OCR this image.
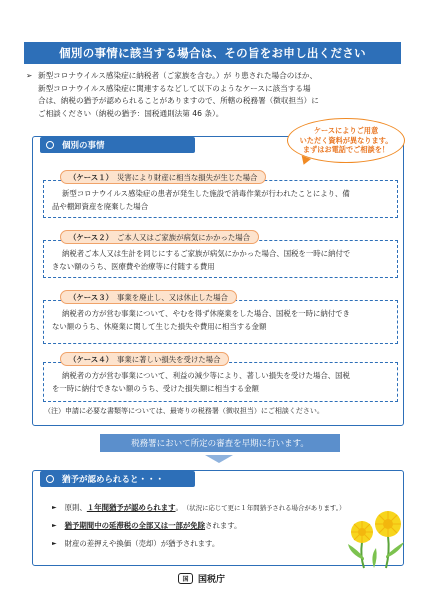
個別の事情に該当する場合は、その旨をお申し出ください
➢ 新型コロナウイルス感染症に納税者（ご家族を含む。）が り患された場合のほか、
新型コロナウイルス感染症に関連するなどして以下のようなケースに該当する場
合は、納税の猶予が認められることがありますので、所轄の税務署（徴収担当）に
ご相談ください（納税の猶予：国税通則法第 46 条）。
個別の事情
ケースによりご用意
いただく資料が異なります。
まずはお電話でご相談を！
新型コロナウイルス感染症の患者が発生した施設で消毒作業が行われたことにより、備
品や棚卸資産を廃棄した場合
（ケース１） 災害により財産に相当な損失が生じた場合
納税者ご本人又は生計を同じにするご家族が病気にかかった場合、国税を一時に納付で
きない額のうち、医療費や治療等に付随する費用
（ケース２） ご本人又はご家族が病気にかかった場合
納税者の方が営む事業について、やむを得ず休廃業をした場合、国税を一時に納付でき
ない額のうち、休廃業に関して生じた損失や費用に相当する金額
（ケース３） 事業を廃止し、又は休止した場合
納税者の方が営む事業について、利益の減少等により、著しい損失を受けた場合、国税
を一時に納付できない額のうち、受けた損失額に相当する金額
（ケース４） 事業に著しい損失を受けた場合
（注）申請に必要な書類等については、最寄りの税務署（徴収担当）にご相談ください。
税務署において所定の審査を早期に行います。
猶予が認められると・・・
► 原則、 １年間猶予が認められます 。 （状況に応じて更に１年間猶予される場合があります。）
► 猶予期間中の延滞税の全部又は一部が免除 されます。
► 財産の差押えや換価（売却）が猶予されます。
国	国税庁
